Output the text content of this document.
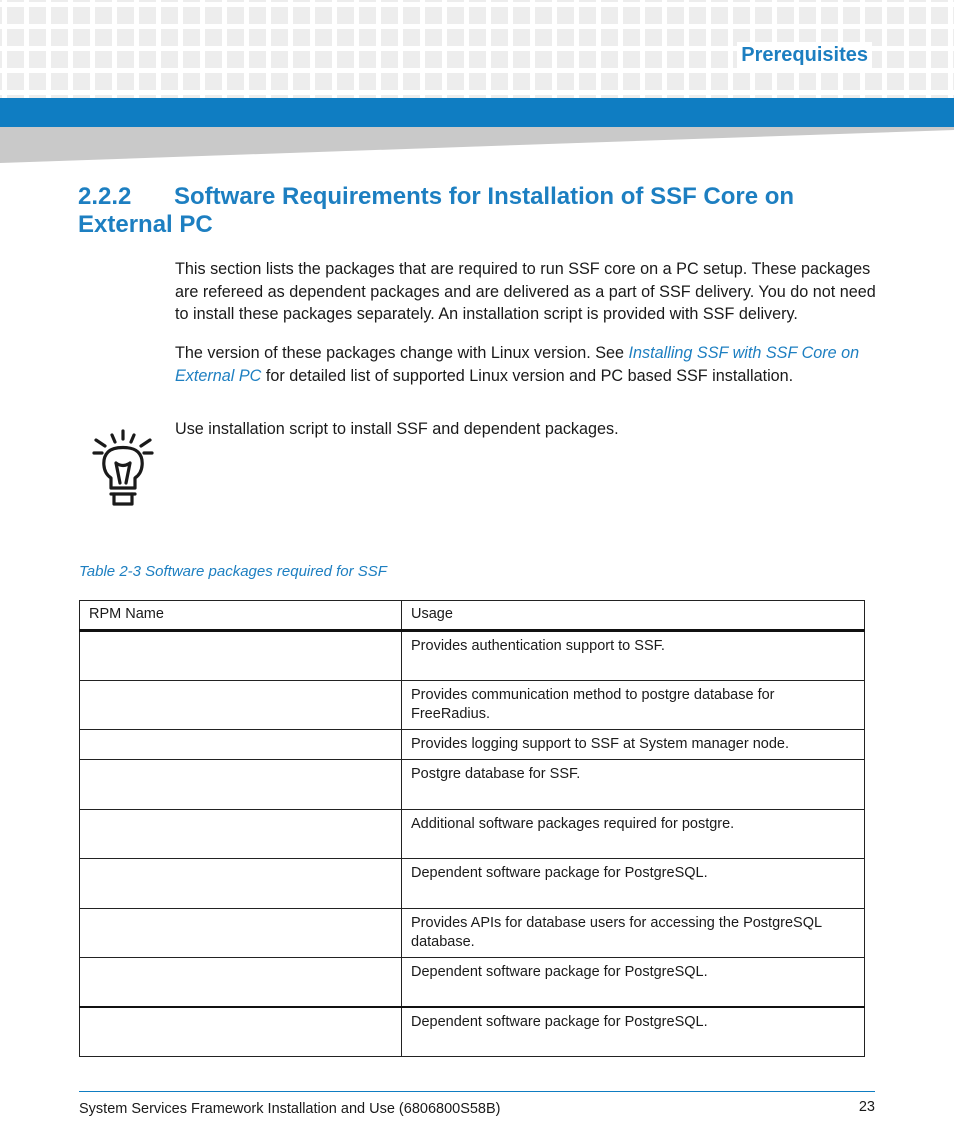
Prerequisites
2.2.2 Software Requirements for Installation of SSF Core on External PC
This section lists the packages that are required to run SSF core on a PC setup. These packages are refereed as dependent packages and are delivered as a part of SSF delivery. You do not need to install these packages separately. An installation script is provided with SSF delivery.
The version of these packages change with Linux version. See Installing SSF with SSF Core on External PC for detailed list of supported Linux version and PC based SSF installation.
Use installation script to install SSF and dependent packages.
Table 2-3 Software packages required for SSF
RPM Name	Usage
	Provides authentication support to SSF.
	Provides communication method to postgre database for FreeRadius.
	Provides logging support to SSF at System manager node.
	Postgre database for SSF.
	Additional software packages required for postgre.
	Dependent software package for PostgreSQL.
	Provides APIs for database users for accessing the PostgreSQL database.
	Dependent software package for PostgreSQL.
	Dependent software package for PostgreSQL.
System Services Framework Installation and Use (6806800S58B)	23
